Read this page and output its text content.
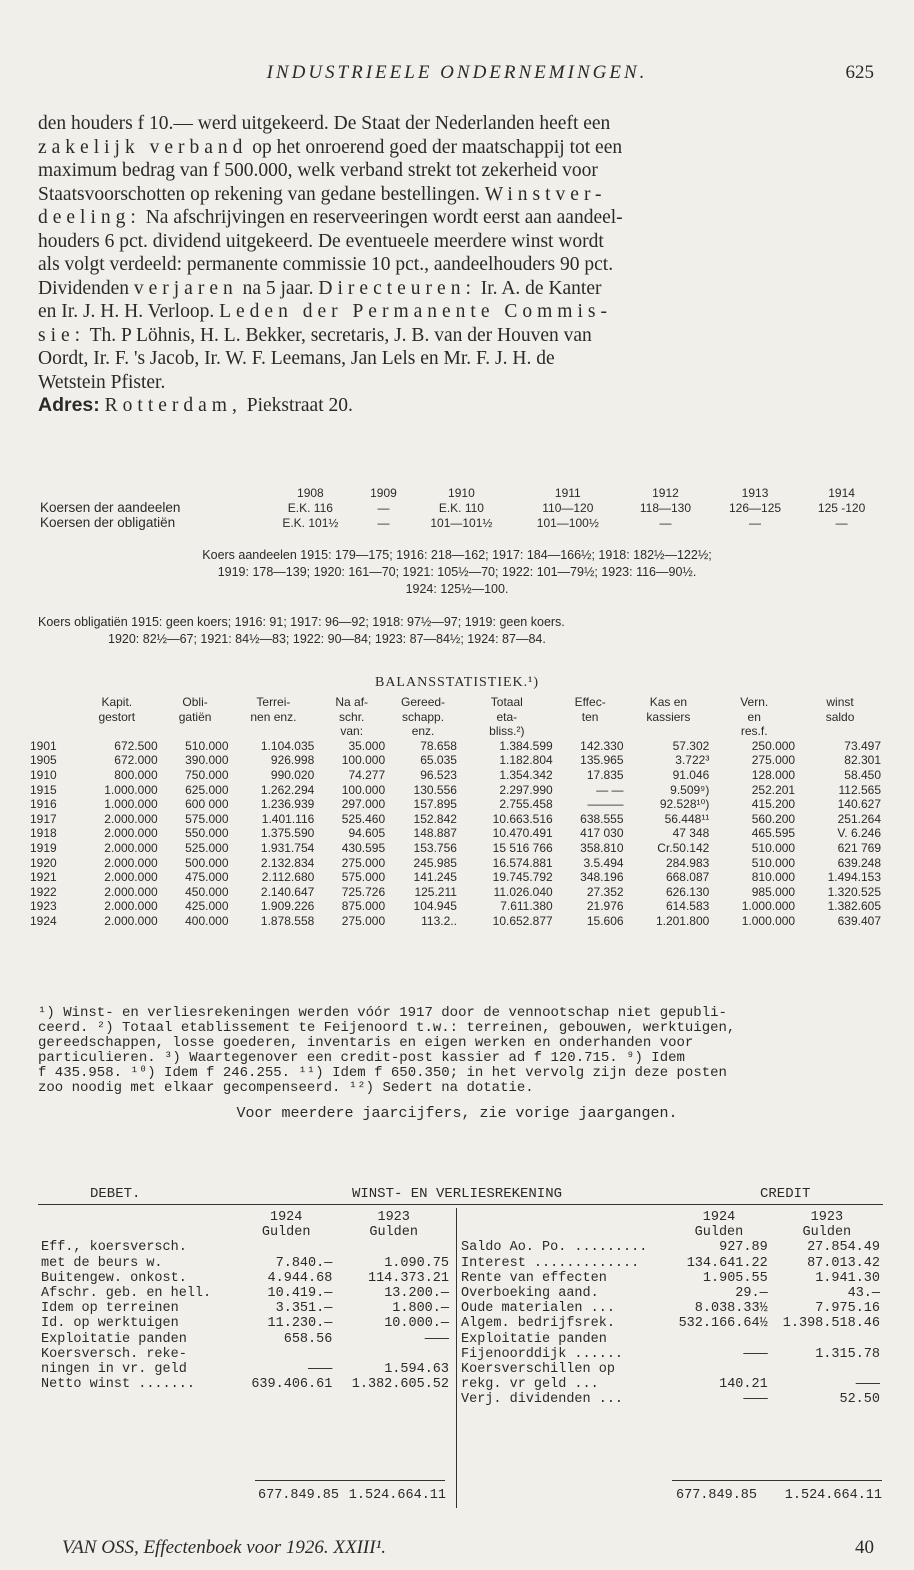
INDUSTRIEELE ONDERNEMINGEN.	625

den houders f 10.— werd uitgekeerd. De Staat der Nederlanden heeft een

zakelijk verband op het onroerend goed der maatschappij tot een

maximum bedrag van f 500.000, welk verband strekt tot zekerheid voor

Staatsvoorschotten op rekening van gedane bestellingen. Winstver-

deeling: Na afschrijvingen en reserveeringen wordt eerst aan aandeel-

houders 6 pct. dividend uitgekeerd. De eventueele meerdere winst wordt

als volgt verdeeld: permanente commissie 10 pct., aandeelhouders 90 pct.

Dividenden verjaren na 5 jaar. Directeuren: Ir. A. de Kanter

en Ir. J. H. H. Verloop. Leden der Permanente Commis-

sie: Th. P Löhnis, H. L. Bekker, secretaris, J. B. van der Houven van

Oordt, Ir. F. 's Jacob, Ir. W. F. Leemans, Jan Lels en Mr. F. J. H. de

Wetstein Pfister.

Adres: Rotterdam, Piekstraat 20.

	1908	1909	1910	1911	1912	1913	1914
Koersen der aandeelen	E.K. 116	—	E.K. 110	110—120	118—130	126—125	125 -120
Koersen der obligatiën	E.K. 101½	—	101—101½	101—100½	—	—	—
Koers aandeelen 1915: 179—175; 1916: 218—162; 1917: 184—166½; 1918: 182½—122½;
1919: 178—139; 1920: 161—70; 1921: 105½—70; 1922: 101—79½; 1923: 116—90½.
1924: 125½—100.
Koers obligatiën 1915: geen koers; 1916: 91; 1917: 96—92; 1918: 97½—97; 1919: geen koers.
1920: 82½—67; 1921: 84½—83; 1922: 90—84; 1923: 87—84½; 1924: 87—84.
BALANSSTATISTIEK.¹)
	Kapit.	Obli-	Terrei-	Na af-	Gereed-	Totaal	Effec-	Kas en	Vern.	winst
	gestort	gatiën	nen enz.	schr.	schapp.	eta-	ten	kassiers	en	saldo
				van:	enz.	bliss.²)			res.f.	
1901	672.500	510.000	1.104.035	35.000	78.658	1.384.599	142.330	57.302	250.000	73.497
1905	672.000	390.000	926.998	100.000	65.035	1.182.804	135.965	3.722³	275.000	82.301
1910	800.000	750.000	990.020	74.277	96.523	1.354.342	17.835	91.046	128.000	58.450
1915	1.000.000	625.000	1.262.294	100.000	130.556	2.297.990	— —	9.509⁹)	252.201	112.565
1916	1.000.000	600 000	1.236.939	297.000	157.895	2.755.458	———	92.528¹⁰)	415.200	140.627
1917	2.000.000	575.000	1.401.116	525.460	152.842	10.663.516	638.555	56.448¹¹	560.200	251.264
1918	2.000.000	550.000	1.375.590	94.605	148.887	10.470.491	417 030	47 348	465.595	V. 6.246
1919	2.000.000	525.000	1.931.754	430.595	153.756	15 516 766	358.810	Cr.50.142	510.000	621 769
1920	2.000.000	500.000	2.132.834	275.000	245.985	16.574.881	3.5.494	284.983	510.000	639.248
1921	2.000.000	475.000	2.112.680	575.000	141.245	19.745.792	348.196	668.087	810.000	1.494.153
1922	2.000.000	450.000	2.140.647	725.726	125.211	11.026.040	27.352	626.130	985.000	1.320.525
1923	2.000.000	425.000	1.909.226	875.000	104.945	7.611.380	21.976	614.583	1.000.000	1.382.605
1924	2.000.000	400.000	1.878.558	275.000	113.2..	10.652.877	15.606	1.201.800	1.000.000	639.407

¹) Winst- en verliesrekeningen werden vóór 1917 door de vennootschap niet gepubli-

ceerd. ²) Totaal etablissement te Feijenoord t.w.: terreinen, gebouwen, werktuigen,

gereedschappen, losse goederen, inventaris en eigen werken en onderhanden voor

particulieren. ³) Waartegenover een credit-post kassier ad f 120.715. ⁹) Idem

f 435.958. ¹⁰) Idem f 246.255. ¹¹) Idem f 650.350; in het vervolg zijn deze posten

zoo noodig met elkaar gecompenseerd. ¹²) Sedert na dotatie.

Voor meerdere jaarcijfers, zie vorige jaargangen.
DEBET.	WINST- EN VERLIESREKENING	CREDIT
	1924	1923
	Gulden	Gulden
Eff., koersversch.		
met de beurs w.	7.840.—	1.090.75
Buitengew. onkost.	4.944.68	114.373.21
Afschr. geb. en hell.	10.419.—	13.200.—
Idem op terreinen	3.351.—	1.800.—
Id. op werktuigen	11.230.—	10.000.—
Exploitatie panden	658.56	———
Koersversch. reke-		
ningen in vr. geld	———	1.594.63
Netto winst .......	639.406.61	1.382.605.52
	1924	1923
	Gulden	Gulden

Saldo Ao. Po. .........	927.89	27.854.49
Interest .............	134.641.22	87.013.42
Rente van effecten	1.905.55	1.941.30
Overboeking aand.	29.—	43.—
Oude materialen ...	8.038.33½	7.975.16
Algem. bedrijfsrek.	532.166.64½	1.398.518.46
Exploitatie panden		
Fijenoorddijk ......	———	1.315.78
Koersverschillen op		
rekg. vr geld ...	140.21	———
Verj. dividenden ...	———	52.50
677.849.85 1.524.664.11	677.849.85 1.524.664.11
VAN OSS, Effectenboek voor 1926. XXIII¹.	40
